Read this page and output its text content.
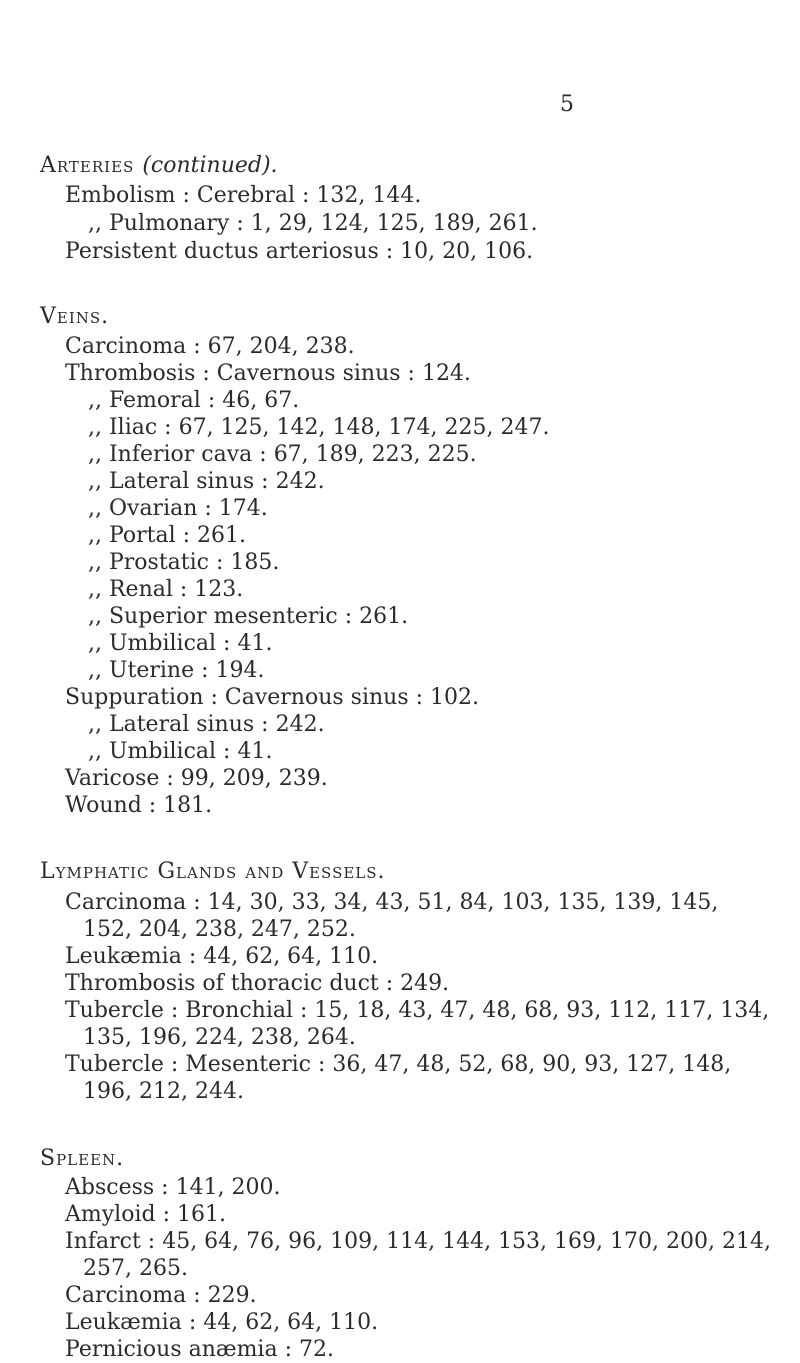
5
Arteries (continued).
Embolism : Cerebral : 132, 144.
,, Pulmonary : 1, 29, 124, 125, 189, 261.
Persistent ductus arteriosus : 10, 20, 106.
Veins.
Carcinoma : 67, 204, 238.
Thrombosis : Cavernous sinus : 124.
,, Femoral : 46, 67.
,, Iliac : 67, 125, 142, 148, 174, 225, 247.
,, Inferior cava : 67, 189, 223, 225.
,, Lateral sinus : 242.
,, Ovarian : 174.
,, Portal : 261.
,, Prostatic : 185.
,, Renal : 123.
,, Superior mesenteric : 261.
,, Umbilical : 41.
,, Uterine : 194.
Suppuration : Cavernous sinus : 102.
,, Lateral sinus : 242.
,, Umbilical : 41.
Varicose : 99, 209, 239.
Wound : 181.
Lymphatic Glands and Vessels.
Carcinoma : 14, 30, 33, 34, 43, 51, 84, 103, 135, 139, 145,
152, 204, 238, 247, 252.
Leukæmia : 44, 62, 64, 110.
Thrombosis of thoracic duct : 249.
Tubercle : Bronchial : 15, 18, 43, 47, 48, 68, 93, 112, 117, 134,
135, 196, 224, 238, 264.
Tubercle : Mesenteric : 36, 47, 48, 52, 68, 90, 93, 127, 148,
196, 212, 244.
Spleen.
Abscess : 141, 200.
Amyloid : 161.
Infarct : 45, 64, 76, 96, 109, 114, 144, 153, 169, 170, 200, 214,
257, 265.
Carcinoma : 229.
Leukæmia : 44, 62, 64, 110.
Pernicious anæmia : 72.
